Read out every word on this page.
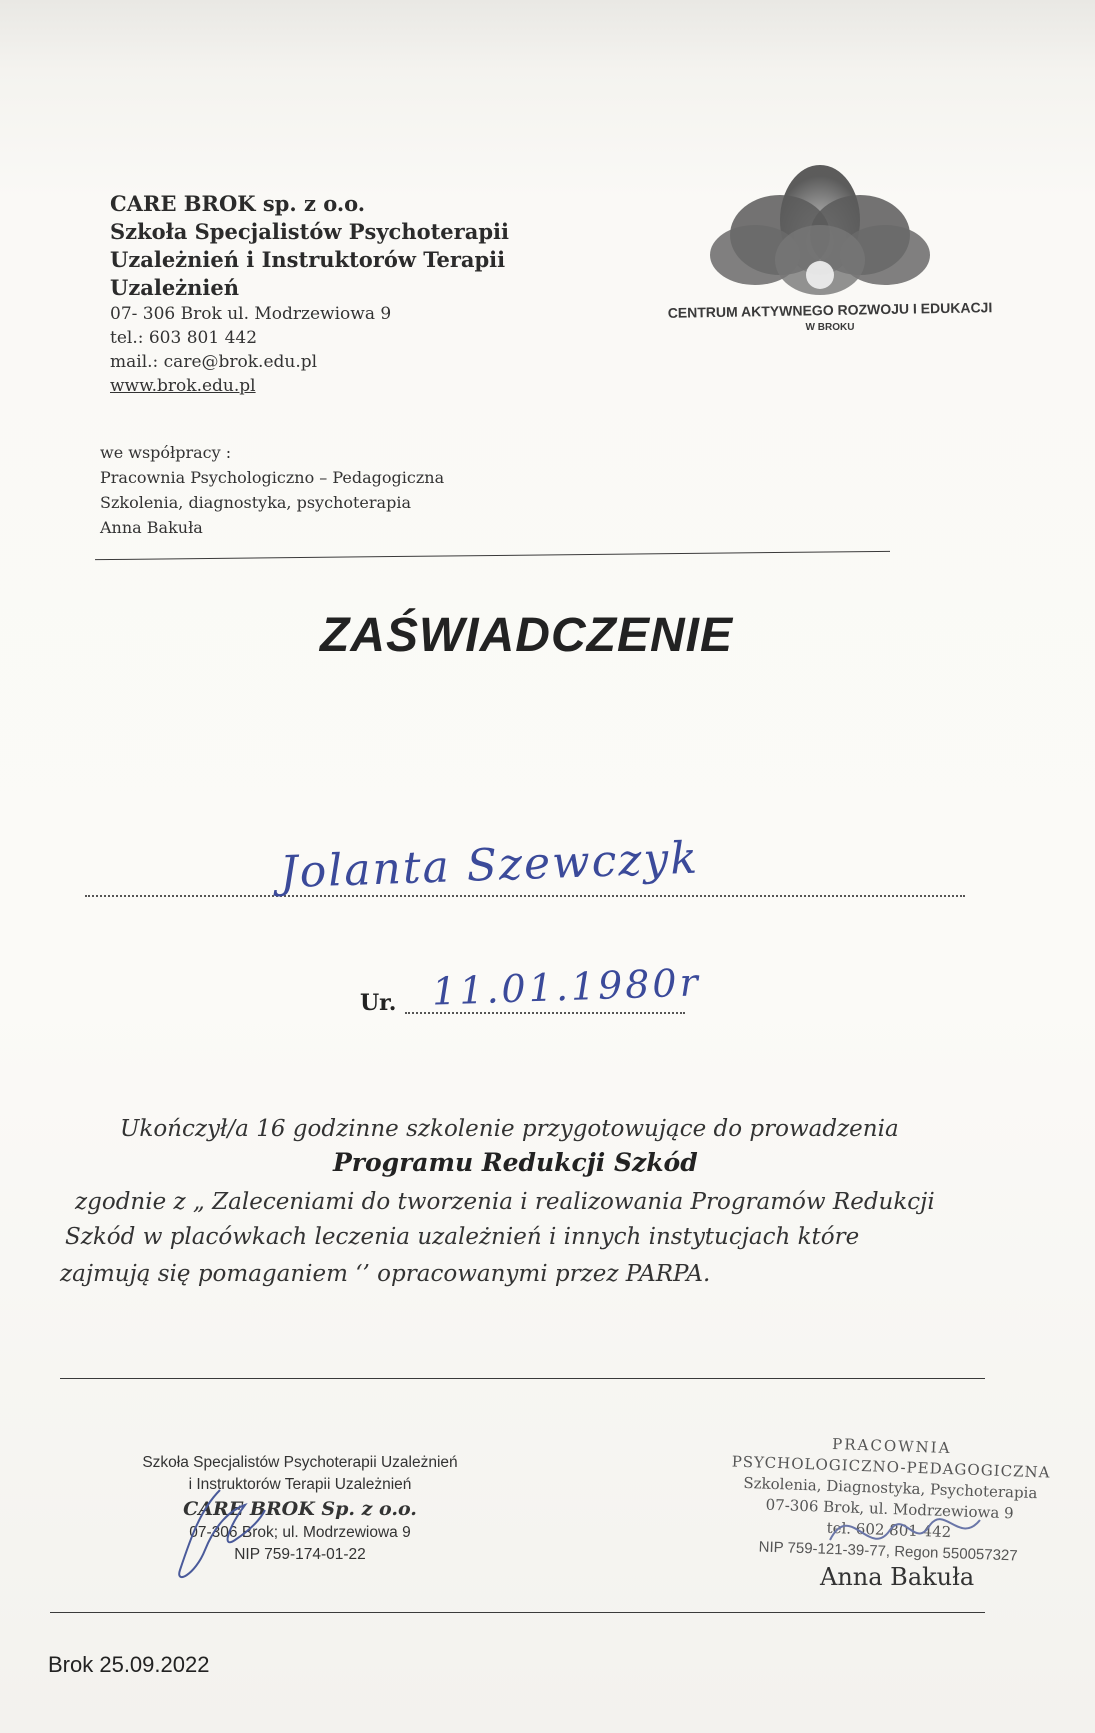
CARE BROK sp. z o.o.
Szkoła Specjalistów Psychoterapii
Uzależnień i Instruktorów Terapii
Uzależnień
07- 306 Brok ul. Modrzewiowa 9
tel.: 603 801 442
mail.: care@brok.edu.pl
www.brok.edu.pl
we współpracy :
Pracownia Psychologiczno – Pedagogiczna
Szkolenia, diagnostyka, psychoterapia
Anna Bakuła
CENTRUM AKTYWNEGO ROZWOJU I EDUKACJI
W BROKU
ZAŚWIADCZENIE
Jolanta Szewczyk
Ur. 11.01.1980r
Ukończył/a 16 godzinne szkolenie przygotowujące do prowadzenia
Programu Redukcji Szkód
zgodnie z „ Zaleceniami do tworzenia i realizowania Programów Redukcji
Szkód w placówkach leczenia uzależnień i innych instytucjach które
zajmują się pomaganiem ‘’ opracowanymi przez PARPA.
Szkoła Specjalistów Psychoterapii Uzależnień
i Instruktorów Terapii Uzależnień
CARE BROK Sp. z o.o.
07-306 Brok; ul. Modrzewiowa 9
NIP 759-174-01-22
PRACOWNIA
PSYCHOLOGICZNO-PEDAGOGICZNA
Szkolenia, Diagnostyka, Psychoterapia
07-306 Brok, ul. Modrzewiowa 9
tel. 602 801 442
NIP 759-121-39-77, Regon 550057327
Anna Bakuła
Brok 25.09.2022
